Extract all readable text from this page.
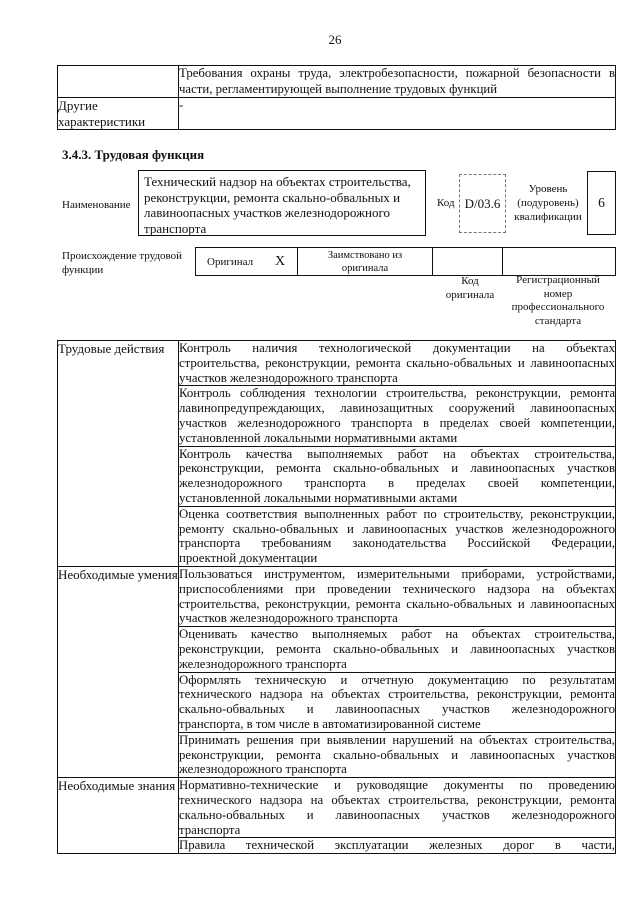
26

	Требования охраны труда, электробезопасности, пожарной безопасности в
части, регламентирующей выполнение трудовых функций

Другие характеристики	-
3.4.3. Трудовая функция
Наименование
Технический надзор на объектах строительства,
реконструкции, ремонта скально-обвальных и
лавиноопасных участков железнодорожного
транспорта
Код D/03.6
Уровень (подуровень) квалификации
6
Происхождение трудовой функции
Оригинал X	Заимствовано из оригинала
Код оригинала
Регистрационный номер профессионального стандарта
Трудовые действия	Контроль наличия технологической документации на объектах
строительства, реконструкции, ремонта скально-обвальных и лавиноопасных
участков железнодорожного транспорта

	Контроль соблюдения технологии строительства, реконструкции, ремонта
лавинопредупреждающих, лавинозащитных сооружений лавиноопасных
участков железнодорожного транспорта в пределах своей компетенции,
установленной локальными нормативными актами

	Контроль качества выполняемых работ на объектах строительства,
реконструкции, ремонта скально-обвальных и лавиноопасных участков
железнодорожного транспорта в пределах своей компетенции,
установленной локальными нормативными актами

	Оценка соответствия выполненных работ по строительству, реконструкции,
ремонту скально-обвальных и лавиноопасных участков железнодорожного
транспорта требованиям законодательства Российской Федерации,
проектной документации

Необходимые умения	Пользоваться инструментом, измерительными приборами, устройствами,
приспособлениями при проведении технического надзора на объектах
строительства, реконструкции, ремонта скально-обвальных и лавиноопасных
участков железнодорожного транспорта

	Оценивать качество выполняемых работ на объектах строительства,
реконструкции, ремонта скально-обвальных и лавиноопасных участков
железнодорожного транспорта

	Оформлять техническую и отчетную документацию по результатам
технического надзора на объектах строительства, реконструкции, ремонта
скально-обвальных и лавиноопасных участков железнодорожного
транспорта, в том числе в автоматизированной системе

	Принимать решения при выявлении нарушений на объектах строительства,
реконструкции, ремонта скально-обвальных и лавиноопасных участков
железнодорожного транспорта

Необходимые знания	Нормативно-технические и руководящие документы по проведению
технического надзора на объектах строительства, реконструкции, ремонта
скально-обвальных и лавиноопасных участков железнодорожного
транспорта

	Правила технической эксплуатации железных дорог в части,
